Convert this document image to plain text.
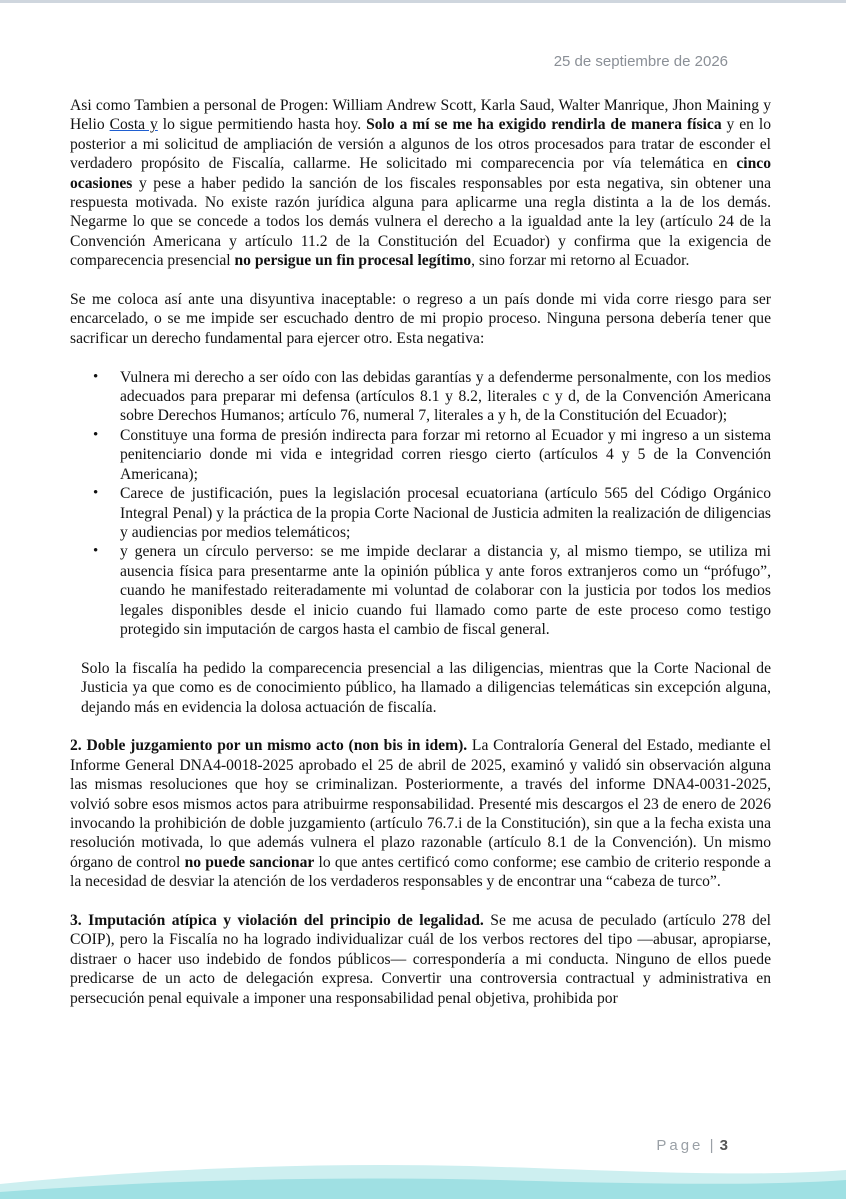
25 de septiembre de 2026

Asi como Tambien a personal de Progen: William Andrew Scott, Karla Saud, Walter Manrique, Jhon Maining y Helio Costa y lo sigue permitiendo hasta hoy. Solo a mí se me ha exigido rendirla de manera física y en lo posterior a mi solicitud de ampliación de versión a algunos de los otros procesados para tratar de esconder el verdadero propósito de Fiscalía, callarme. He solicitado mi comparecencia por vía telemática en cinco ocasiones y pese a haber pedido la sanción de los fiscales responsables por esta negativa, sin obtener una respuesta motivada. No existe razón jurídica alguna para aplicarme una regla distinta a la de los demás. Negarme lo que se concede a todos los demás vulnera el derecho a la igualdad ante la ley (artículo 24 de la Convención Americana y artículo 11.2 de la Constitución del Ecuador) y confirma que la exigencia de comparecencia presencial no persigue un fin procesal legítimo, sino forzar mi retorno al Ecuador.

Se me coloca así ante una disyuntiva inaceptable: o regreso a un país donde mi vida corre riesgo para ser encarcelado, o se me impide ser escuchado dentro de mi propio proceso. Ninguna persona debería tener que sacrificar un derecho fundamental para ejercer otro. Esta negativa:

• Vulnera mi derecho a ser oído con las debidas garantías y a defenderme personalmente, con los medios adecuados para preparar mi defensa (artículos 8.1 y 8.2, literales c y d, de la Convención Americana sobre Derechos Humanos; artículo 76, numeral 7, literales a y h, de la Constitución del Ecuador);
• Constituye una forma de presión indirecta para forzar mi retorno al Ecuador y mi ingreso a un sistema penitenciario donde mi vida e integridad corren riesgo cierto (artículos 4 y 5 de la Convención Americana);
• Carece de justificación, pues la legislación procesal ecuatoriana (artículo 565 del Código Orgánico Integral Penal) y la práctica de la propia Corte Nacional de Justicia admiten la realización de diligencias y audiencias por medios telemáticos;
• y genera un círculo perverso: se me impide declarar a distancia y, al mismo tiempo, se utiliza mi ausencia física para presentarme ante la opinión pública y ante foros extranjeros como un “prófugo”, cuando he manifestado reiteradamente mi voluntad de colaborar con la justicia por todos los medios legales disponibles desde el inicio cuando fui llamado como parte de este proceso como testigo protegido sin imputación de cargos hasta el cambio de fiscal general.

Solo la fiscalía ha pedido la comparecencia presencial a las diligencias, mientras que la Corte Nacional de Justicia ya que como es de conocimiento público, ha llamado a diligencias telemáticas sin excepción alguna, dejando más en evidencia la dolosa actuación de fiscalía.

2. Doble juzgamiento por un mismo acto (non bis in idem). La Contraloría General del Estado, mediante el Informe General DNA4-0018-2025 aprobado el 25 de abril de 2025, examinó y validó sin observación alguna las mismas resoluciones que hoy se criminalizan. Posteriormente, a través del informe DNA4-0031-2025, volvió sobre esos mismos actos para atribuirme responsabilidad. Presenté mis descargos el 23 de enero de 2026 invocando la prohibición de doble juzgamiento (artículo 76.7.i de la Constitución), sin que a la fecha exista una resolución motivada, lo que además vulnera el plazo razonable (artículo 8.1 de la Convención). Un mismo órgano de control no puede sancionar lo que antes certificó como conforme; ese cambio de criterio responde a la necesidad de desviar la atención de los verdaderos responsables y de encontrar una “cabeza de turco”.

3. Imputación atípica y violación del principio de legalidad. Se me acusa de peculado (artículo 278 del COIP), pero la Fiscalía no ha logrado individualizar cuál de los verbos rectores del tipo —abusar, apropiarse, distraer o hacer uso indebido de fondos públicos— correspondería a mi conducta. Ninguno de ellos puede predicarse de un acto de delegación expresa. Convertir una controversia contractual y administrativa en persecución penal equivale a imponer una responsabilidad penal objetiva, prohibida por

Page | 3
